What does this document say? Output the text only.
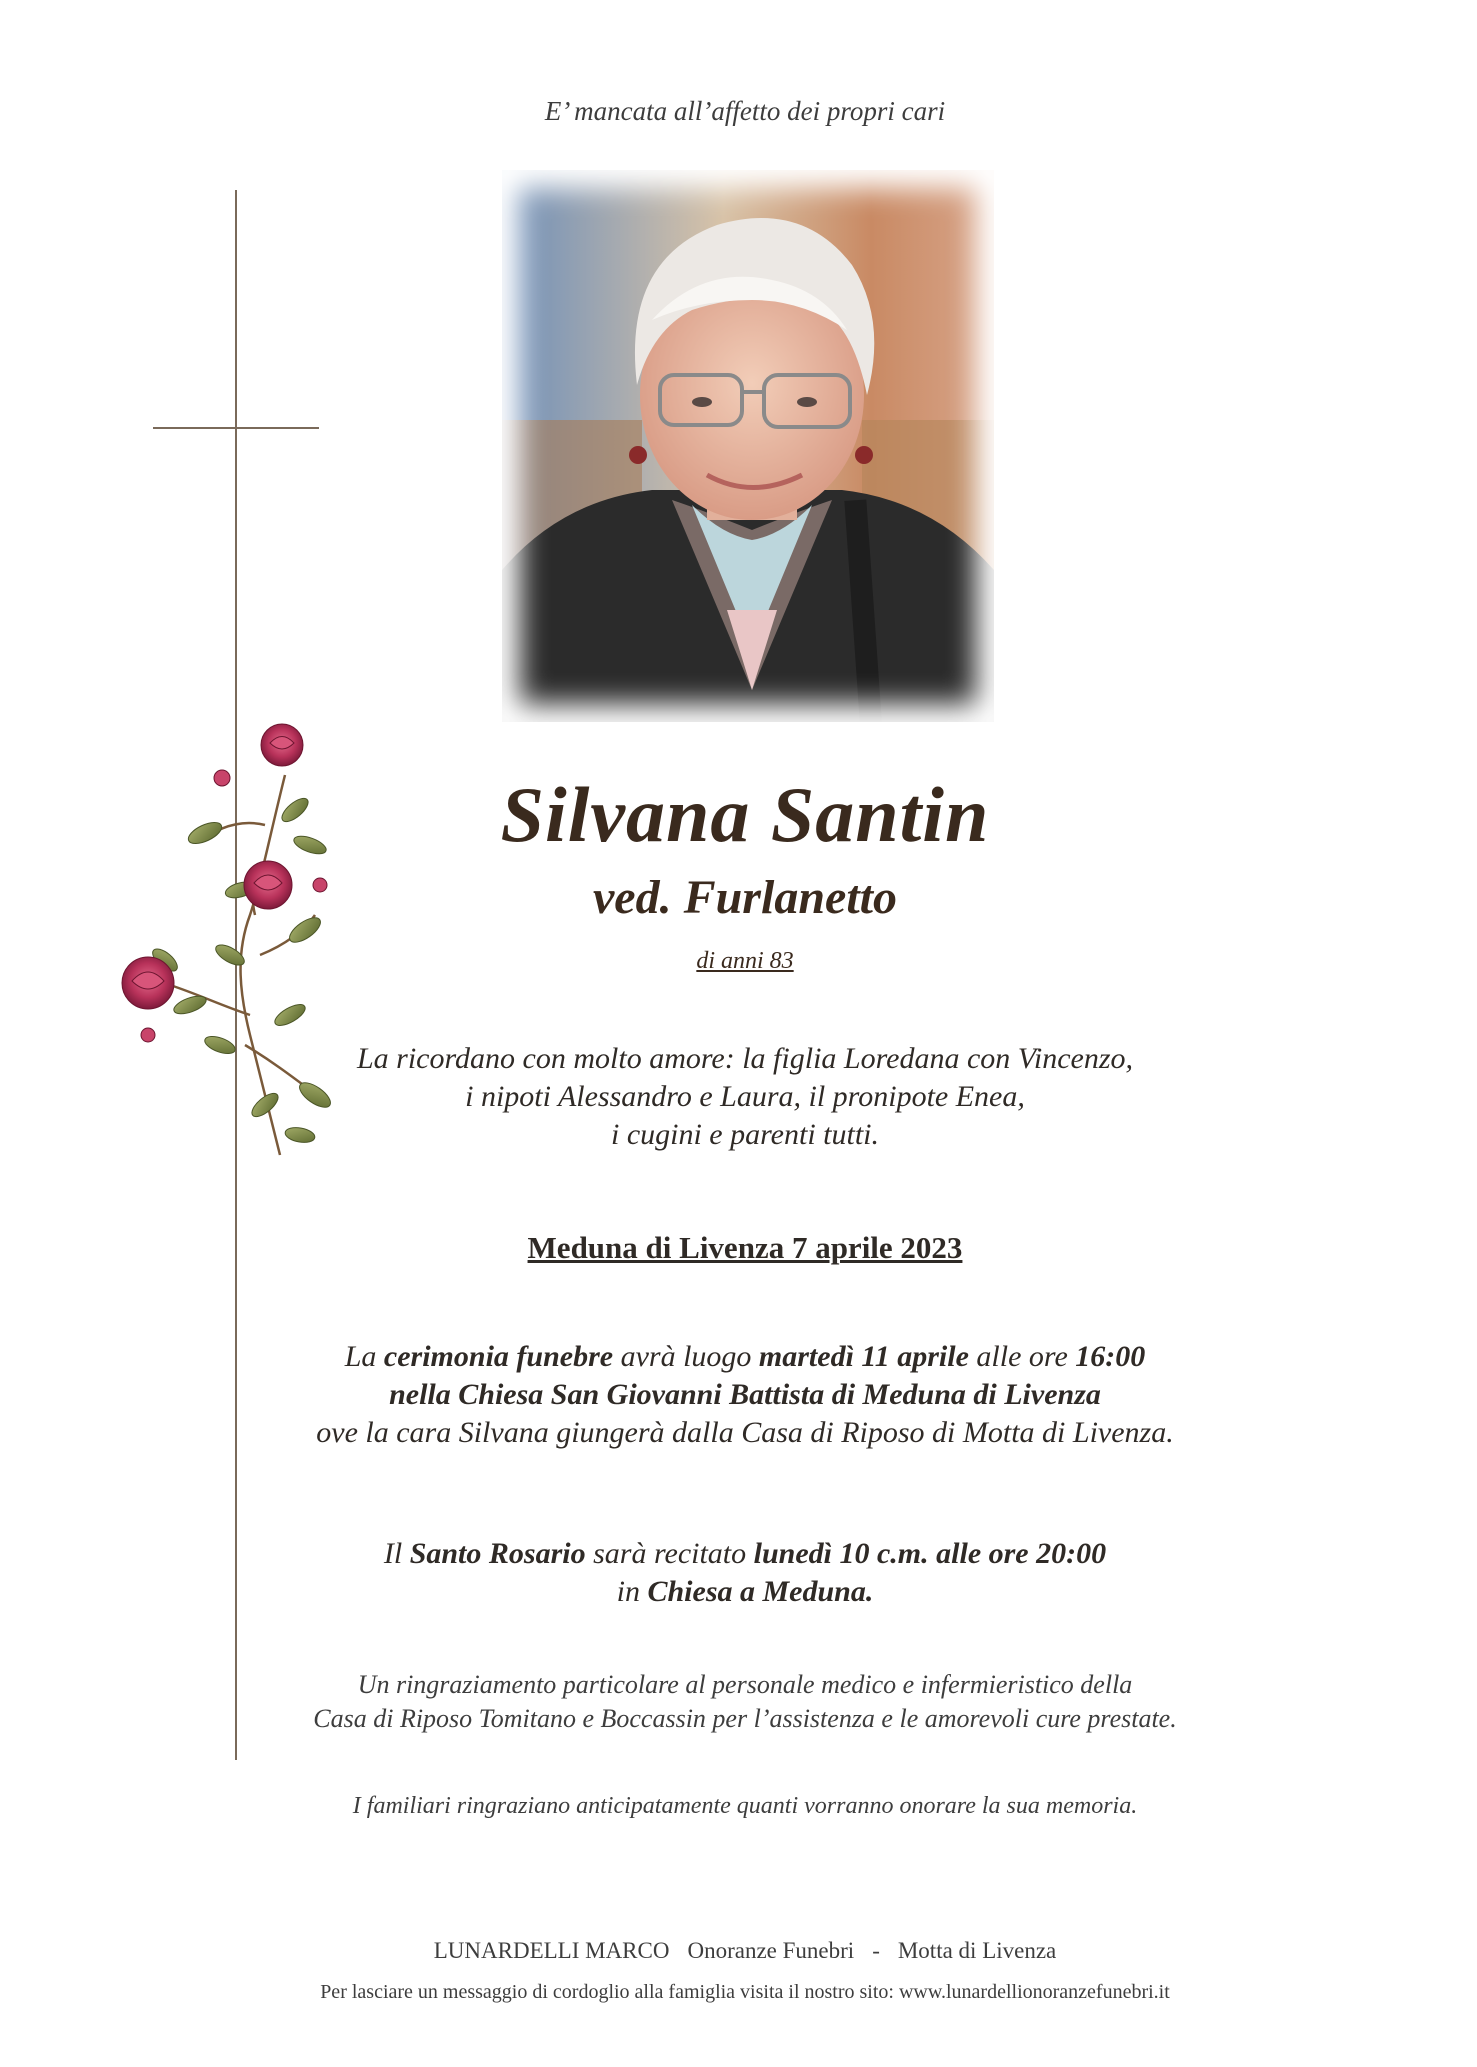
E’ mancata all’affetto dei propri cari
Silvana Santin
ved. Furlanetto
di anni 83
La ricordano con molto amore: la figlia Loredana con Vincenzo,
i nipoti Alessandro e Laura, il pronipote Enea,
i cugini e parenti tutti.
Meduna di Livenza 7 aprile 2023
La cerimonia funebre avrà luogo martedì 11 aprile alle ore 16:00
nella Chiesa San Giovanni Battista di Meduna di Livenza
ove la cara Silvana giungerà dalla Casa di Riposo di Motta di Livenza.
Il Santo Rosario sarà recitato lunedì 10 c.m. alle ore 20:00
in Chiesa a Meduna.
Un ringraziamento particolare al personale medico e infermieristico della
Casa di Riposo Tomitano e Boccassin per l’assistenza e le amorevoli cure prestate.
I familiari ringraziano anticipatamente quanti vorranno onorare la sua memoria.
LUNARDELLI MARCO Onoranze Funebri - Motta di Livenza
Per lasciare un messaggio di cordoglio alla famiglia visita il nostro sito: www.lunardellionoranzefunebri.it
